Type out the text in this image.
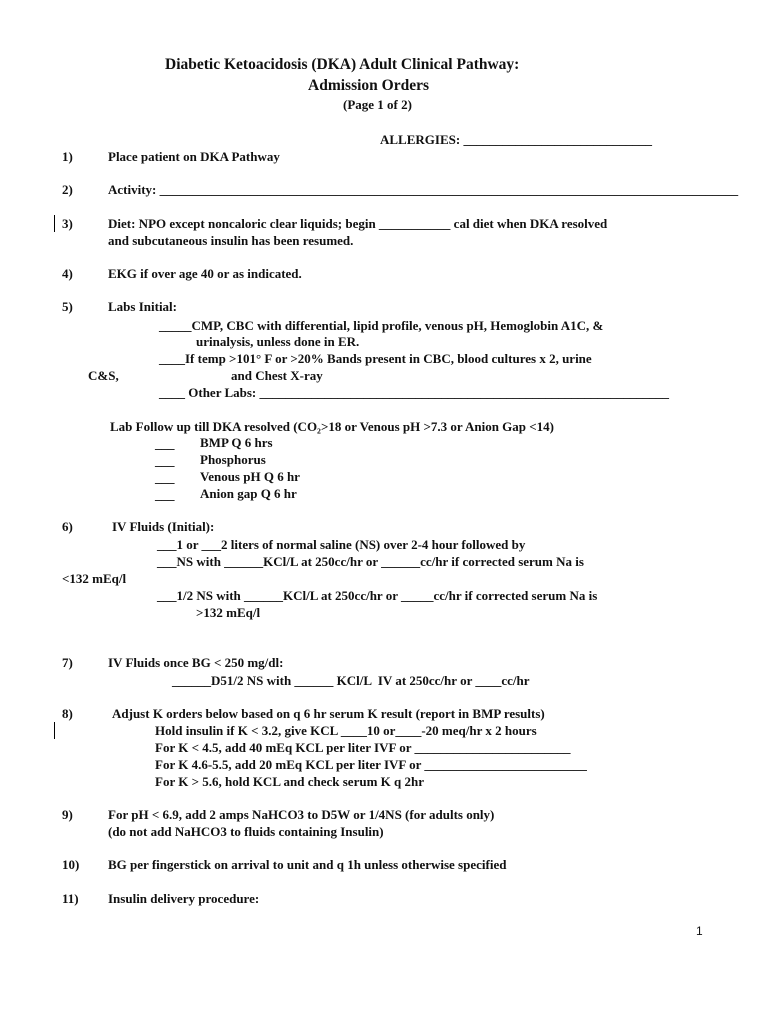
Diabetic Ketoacidosis (DKA) Adult Clinical Pathway:
Admission Orders
(Page 1 of 2)
ALLERGIES: _____________________________
1)	Place patient on DKA Pathway
2)	Activity: _________________________________________________________________________________________
3)	Diet: NPO except noncaloric clear liquids; begin ___________ cal diet when DKA resolved
and subcutaneous insulin has been resumed.
4)	EKG if over age 40 or as indicated.
5)	Labs Initial:
_____CMP, CBC with differential, lipid profile, venous pH, Hemoglobin A1C, &
urinalysis, unless done in ER.
____If temp >101° F or >20% Bands present in CBC, blood cultures x 2, urine
C&S,	and Chest X-ray
____ Other Labs: _______________________________________________________________
Lab Follow up till DKA resolved (CO₂>18 or Venous pH >7.3 or Anion Gap <14)
___ BMP Q 6 hrs
___ Phosphorus
___ Venous pH Q 6 hr
___ Anion gap Q 6 hr
6)	IV Fluids (Initial):
___1 or ___2 liters of normal saline (NS) over 2-4 hour followed by
___NS with ______KCl/L at 250cc/hr or ______cc/hr if corrected serum Na is
<132 mEq/l
___1/2 NS with ______KCl/L at 250cc/hr or _____cc/hr if corrected serum Na is
>132 mEq/l
7)	IV Fluids once BG < 250 mg/dl:
______D51/2 NS with ______ KCl/L  IV at 250cc/hr or ____cc/hr
8)	Adjust K orders below based on q 6 hr serum K result (report in BMP results)
Hold insulin if K < 3.2, give KCL ____10 or____-20 meq/hr x 2 hours
For K < 4.5, add 40 mEq KCL per liter IVF or ________________________
For K 4.6-5.5, add 20 mEq KCL per liter IVF or _________________________
For K > 5.6, hold KCL and check serum K q 2hr
9)	For pH < 6.9, add 2 amps NaHCO3 to D5W or 1/4NS (for adults only)
(do not add NaHCO3 to fluids containing Insulin)
10) BG per fingerstick on arrival to unit and q 1h unless otherwise specified
11) Insulin delivery procedure:
1
